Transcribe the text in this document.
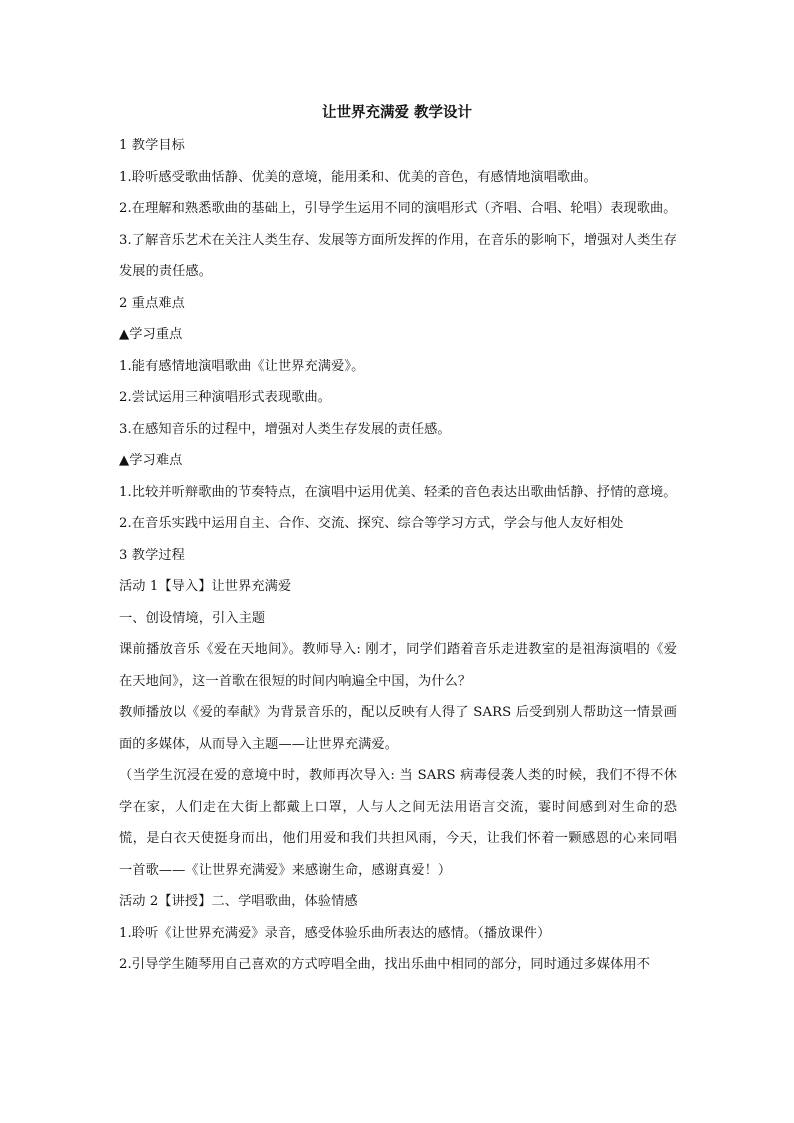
让世界充满爱 教学设计

1 教学目标

1.聆听感受歌曲恬静、优美的意境，能用柔和、优美的音色，有感情地演唱歌曲。

2.在理解和熟悉歌曲的基础上，引导学生运用不同的演唱形式（齐唱、合唱、轮唱）表现歌曲。

3.了解音乐艺术在关注人类生存、发展等方面所发挥的作用，在音乐的影响下，增强对人类生存发展的责任感。

2 重点难点

▲学习重点

1.能有感情地演唱歌曲《让世界充满爱》。

2.尝试运用三种演唱形式表现歌曲。

3.在感知音乐的过程中，增强对人类生存发展的责任感。

▲学习难点

1.比较并听辩歌曲的节奏特点，在演唱中运用优美、轻柔的音色表达出歌曲恬静、抒情的意境。

2.在音乐实践中运用自主、合作、交流、探究、综合等学习方式，学会与他人友好相处

3 教学过程

活动 1【导入】让世界充满爱

一、创设情境，引入主题

课前播放音乐《爱在天地间》。教师导入: 刚才，同学们踏着音乐走进教室的是祖海演唱的《爱在天地间》，这一首歌在很短的时间内响遍全中国，为什么？

教师播放以《爱的奉献》为背景音乐的，配以反映有人得了 SARS 后受到别人帮助这一情景画面的多媒体，从而导入主题——让世界充满爱。

（当学生沉浸在爱的意境中时，教师再次导入: 当 SARS 病毒侵袭人类的时候，我们不得不休学在家，人们走在大街上都戴上口罩，人与人之间无法用语言交流，霎时间感到对生命的恐慌，是白衣天使挺身而出，他们用爱和我们共担风雨，今天，让我们怀着一颗感恩的心来同唱一首歌——《让世界充满爱》来感谢生命，感谢真爱！）

活动 2【讲授】二、学唱歌曲，体验情感

1.聆听《让世界充满爱》录音，感受体验乐曲所表达的感情。（播放课件）

2.引导学生随琴用自己喜欢的方式哼唱全曲，找出乐曲中相同的部分，同时通过多媒体用不
